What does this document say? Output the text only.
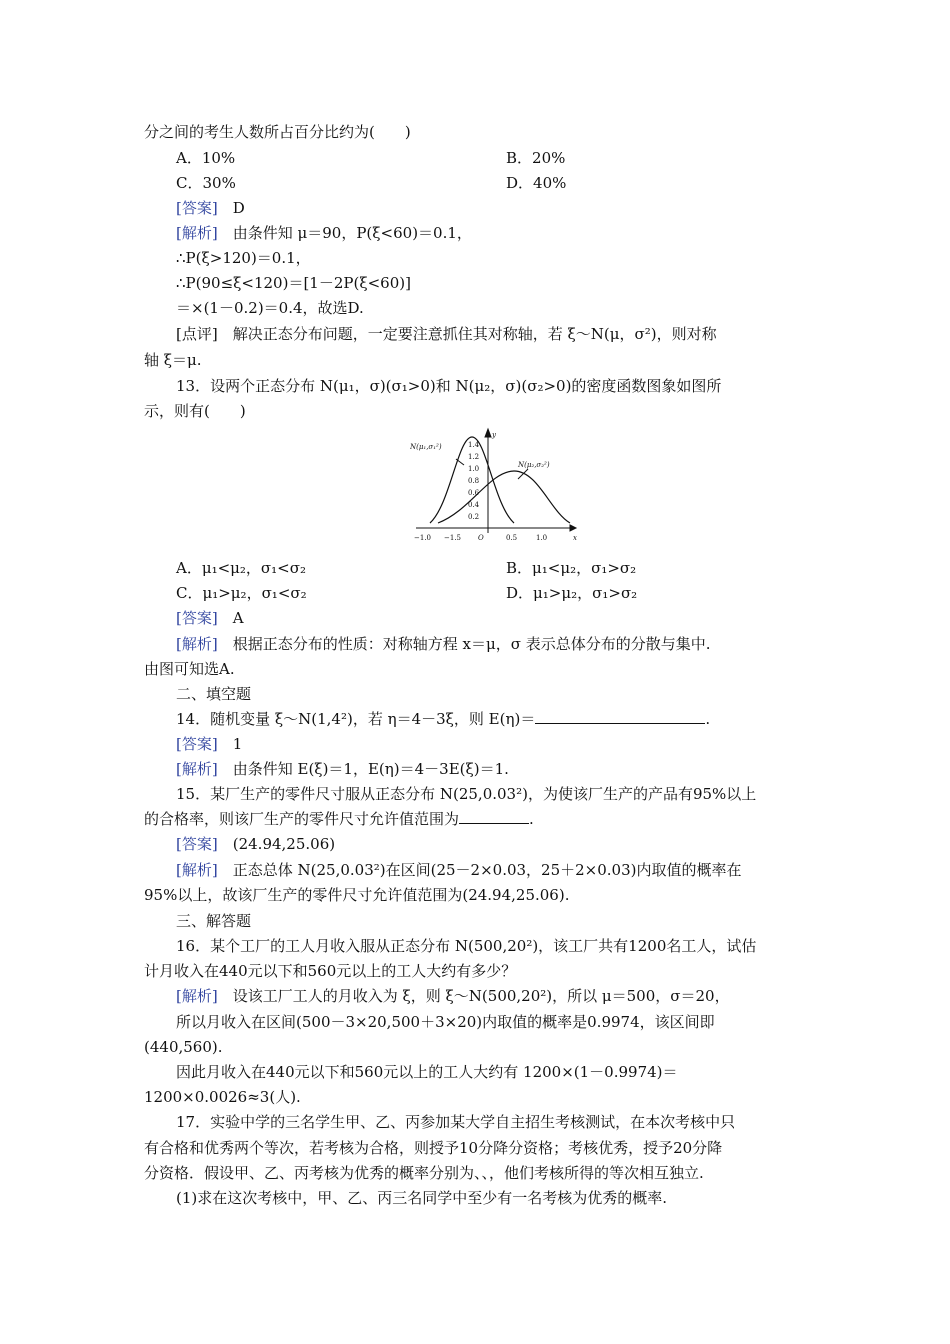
分之间的考生人数所占百分比约为(　　)
A．10%	B．20%
C．30%	D．40%
[答案]　 D
[解析]　 由条件知 μ＝90，P(ξ<60)＝0.1，
∴P(ξ>120)＝0.1，
∴P(90≤ξ<120)＝[1－2P(ξ<60)]
＝×(1－0.2)＝0.4，故选D.
[点评]　 解决正态分布问题，一定要注意抓住其对称轴，若 ξ～N(μ，σ²)，则对称
轴 ξ＝μ.
13．设两个正态分布 N(μ₁，σ)(σ₁>0)和 N(μ₂，σ)(σ₂>0)的密度函数图象如图所
示，则有(　　)
N(μ₁,σ₁²)
N(μ₂,σ₂²)
y
x
1.4
1.2
1.0
0.8
0.6
0.4
0.2
−1.0 −1.5 O	0.5	1.0
A．μ₁<μ₂，σ₁<σ₂	B．μ₁<μ₂，σ₁>σ₂
C．μ₁>μ₂，σ₁<σ₂	D．μ₁>μ₂，σ₁>σ₂
[答案]　 A
[解析]　 根据正态分布的性质：对称轴方程 x＝μ，σ 表示总体分布的分散与集中.
由图可知选A.
二、填空题
14．随机变量 ξ～N(1,4²)，若 η＝4－3ξ，则 E(η)＝	.
[答案]　 1
[解析]　 由条件知 E(ξ)＝1，E(η)＝4－3E(ξ)＝1.
15．某厂生产的零件尺寸服从正态分布 N(25,0.03²)，为使该厂生产的产品有95%以上
的合格率，则该厂生产的零件尺寸允许值范围为	.
[答案]　 (24.94,25.06)
[解析]　 正态总体 N(25,0.03²)在区间(25－2×0.03，25＋2×0.03)内取值的概率在
95%以上，故该厂生产的零件尺寸允许值范围为(24.94,25.06).
三、解答题
16．某个工厂的工人月收入服从正态分布 N(500,20²)，该工厂共有1200名工人，试估
计月收入在440元以下和560元以上的工人大约有多少？
[解析]　 设该工厂工人的月收入为 ξ，则 ξ～N(500,20²)，所以 μ＝500，σ＝20，
所以月收入在区间(500－3×20,500＋3×20)内取值的概率是0.9974，该区间即
(440,560).
因此月收入在440元以下和560元以上的工人大约有 1200×(1－0.9974)＝
1200×0.0026≈3(人).
17．实验中学的三名学生甲、乙、丙参加某大学自主招生考核测试，在本次考核中只
有合格和优秀两个等次，若考核为合格，则授予10分降分资格；考核优秀，授予20分降
分资格．假设甲、乙、丙考核为优秀的概率分别为、、，他们考核所得的等次相互独立.
(1)求在这次考核中，甲、乙、丙三名同学中至少有一名考核为优秀的概率.
